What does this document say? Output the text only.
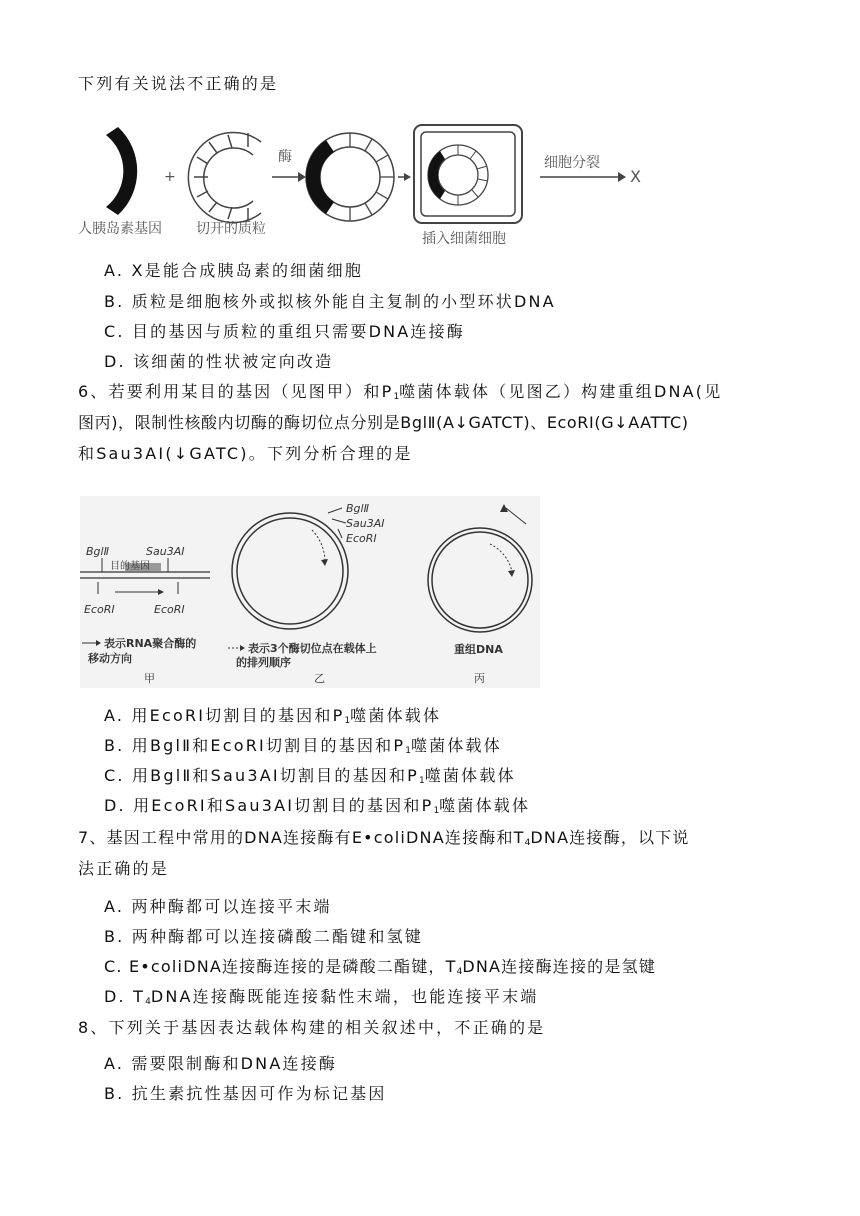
下列有关说法不正确的是
人胰岛素基因
+
切开的质粒
酶
插入细菌细胞
细胞分裂
X
A. X是能合成胰岛素的细菌细胞
B. 质粒是细胞核外或拟核外能自主复制的小型环状DNA
C. 目的基因与质粒的重组只需要DNA连接酶
D. 该细菌的性状被定向改造
6、若要利用某目的基因（见图甲）和$P_1$噬菌体载体（见图乙）构建重组DNA(见
图丙)，限制性核酸内切酶的酶切位点分别是BglⅡ(A↓GATCT)、EcoRI(G↓AATTC)
和Sau3AⅠ(↓GATC)。下列分析合理的是
BglⅡ	Sau3AⅠ
目的基因
EcoRⅠ	EcoRⅠ
表示RNA聚合酶的
移动方向
甲
BglⅡ
Sau3AⅠ
EcoRⅠ
表示3个酶切位点在载体上
的排列顺序
乙
重组DNA
丙
A. 用EcoRⅠ切割目的基因和$P_1$噬菌体载体
B. 用BglⅡ和EcoRⅠ切割目的基因和$P_1$噬菌体载体
C. 用BglⅡ和Sau3AⅠ切割目的基因和$P_1$噬菌体载体
D. 用EcoRⅠ和Sau3AⅠ切割目的基因和$P_1$噬菌体载体
7、基因工程中常用的DNA连接酶有E•coliDNA连接酶和$T_4DNA$连接酶，以下说
法正确的是
A. 两种酶都可以连接平末端
B. 两种酶都可以连接磷酸二酯键和氢键
C. E•coliDNA连接酶连接的是磷酸二酯键，$T_4DNA$连接酶连接的是氢键
D. $T_4DNA$连接酶既能连接黏性末端，也能连接平末端
8、下列关于基因表达载体构建的相关叙述中，不正确的是
A. 需要限制酶和DNA连接酶
B. 抗生素抗性基因可作为标记基因
